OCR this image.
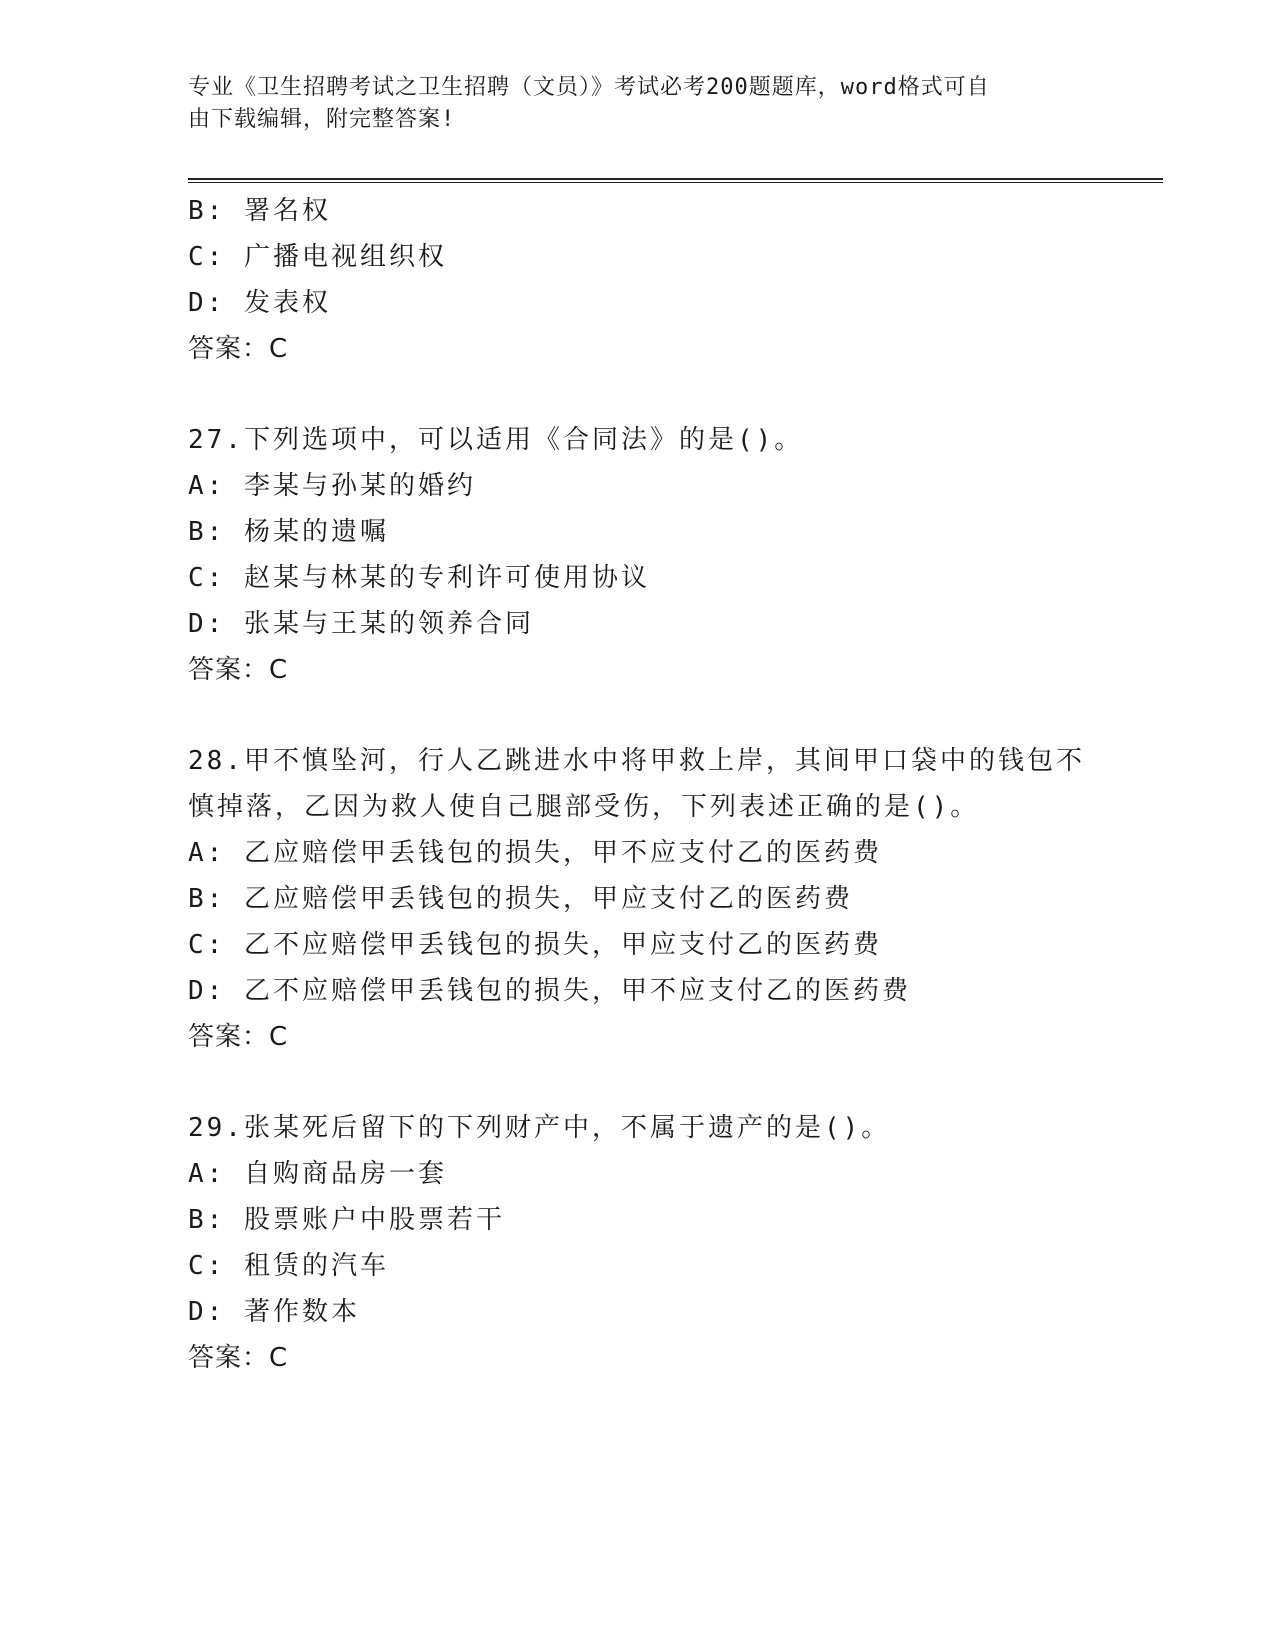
专业《卫生招聘考试之卫生招聘（文员）》考试必考200题题库，word格式可自
由下载编辑，附完整答案!
B: 署名权
C: 广播电视组织权
D: 发表权
答案：C
27.下列选项中，可以适用《合同法》的是()。
A: 李某与孙某的婚约
B: 杨某的遗嘱
C: 赵某与林某的专利许可使用协议
D: 张某与王某的领养合同
答案：C
28.甲不慎坠河，行人乙跳进水中将甲救上岸，其间甲口袋中的钱包不
慎掉落，乙因为救人使自己腿部受伤，下列表述正确的是()。
A: 乙应赔偿甲丢钱包的损失，甲不应支付乙的医药费
B: 乙应赔偿甲丢钱包的损失，甲应支付乙的医药费
C: 乙不应赔偿甲丢钱包的损失，甲应支付乙的医药费
D: 乙不应赔偿甲丢钱包的损失，甲不应支付乙的医药费
答案：C
29.张某死后留下的下列财产中，不属于遗产的是()。
A: 自购商品房一套
B: 股票账户中股票若干
C: 租赁的汽车
D: 著作数本
答案：C
